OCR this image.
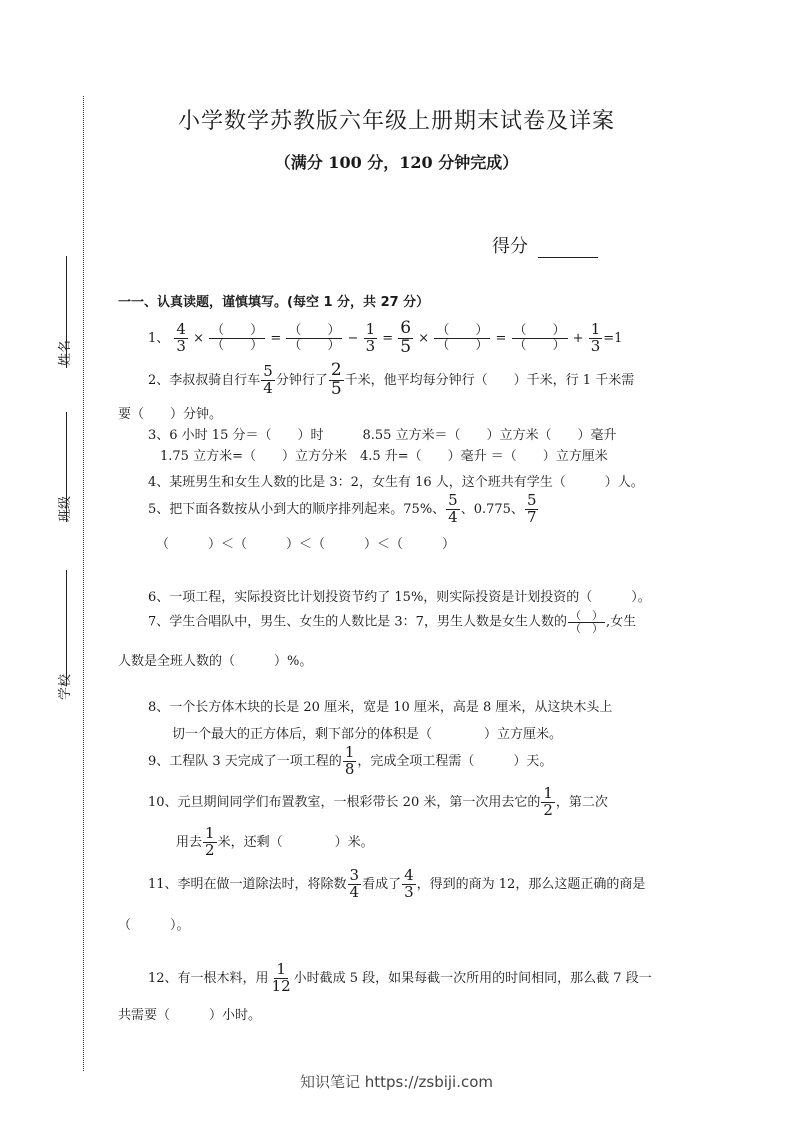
姓名
班级
学校
小学数学苏教版六年级上册期末试卷及详案
（满分 100 分，120 分钟完成）
得分
一一、认真读题，谨慎填写。(每空 1 分，共 27 分）
1、 $\frac{4}{3} \times \frac{( )}{( )} = \frac{( )}{( )} - \frac{1}{3} = \frac{6}{5} \times \frac{( )}{( )} = \frac{( )}{( )} + \frac{1}{3} =1$
2、李叔叔骑自行车 $\frac{5}{4}$ 分钟行了 $\frac{2}{5}$ 千米，他平均每分钟行（　　）千米，行 1 千米需
要（　　）分钟。
3、6 小时 15 分＝（　　）时　　　8.55 立方米＝（　　）立方米（　　）毫升
1.75 立方米=（　　）立方分米　4.5 升=（　　）毫升 ＝（　　）立方厘米
4、某班男生和女生人数的比是 3：2，女生有 16 人，这个班共有学生（　　　）人。
5、把下面各数按从小到大的顺序排列起来。75%、 $\frac{5}{4}$ 、0.775、 $\frac{5}{7}$
（　　　）＜（　　　）＜（　　　）＜（　　　）
6、一项工程，实际投资比计划投资节约了 15%，则实际投资是计划投资的（　　　）。
7、学生合唱队中，男生、女生的人数比是 3：7，男生人数是女生人数的 $\frac{( )}{( )}$ ,女生
人数是全班人数的（　　　）%。
8、一个长方体木块的长是 20 厘米，宽是 10 厘米，高是 8 厘米，从这块木头上
切一个最大的正方体后，剩下部分的体积是（　　　　）立方厘米。
9、工程队 3 天完成了一项工程的 $\frac{1}{8}$ ，完成全项工程需（　　　）天。
10、元旦期间同学们布置教室，一根彩带长 20 米，第一次用去它的 $\frac{1}{2}$ ，第二次
用去 $\frac{1}{2}$ 米，还剩（　　　　）米。
11、李明在做一道除法时，将除数 $\frac{3}{4}$ 看成了 $\frac{4}{3}$ ，得到的商为 12，那么这题正确的商是
（　　　）。
12、有一根木料，用 $\frac{1}{12}$ 小时截成 5 段，如果每截一次所用的时间相同，那么截 7 段一
共需要（　　　）小时。
知识笔记 https://zsbiji.com
